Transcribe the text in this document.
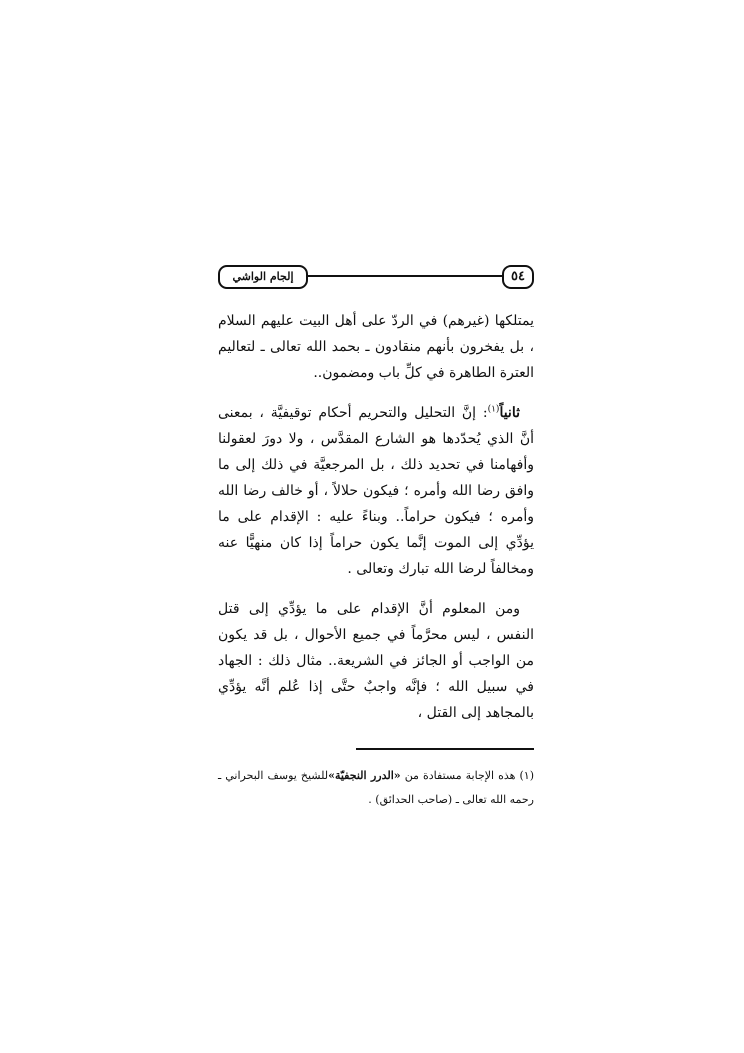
٥٤
إلجام الواشي

يمتلكها (غيرهم) في الردّ على أهل البيت عليهم السلام ، بل يفخرون بأنهم منقادون ـ بحمد الله تعالى ـ لتعاليم العترة الطاهرة في كلِّ باب ومضمون..

ثانياً$^{(١)}$: إنَّ التحليل والتحريم أحكام توقيفيَّة ، بمعنى أنَّ الذي يُحدّدها هو الشارع المقدَّس ، ولا دورَ لعقولنا وأفهامنا في تحديد ذلك ، بل المرجعيَّة في ذلك إلى ما وافق رضا الله وأمره ؛ فيكون حلالاً ، أو خالف رضا الله وأمره ؛ فيكون حراماً.. وبناءً عليه : الإقدام على ما يؤدِّي إلى الموت إنَّما يكون حراماً إذا كان منهيًّا عنه ومخالفاً لرضا الله تبارك وتعالى .

ومن المعلوم أنَّ الإقدام على ما يؤدِّي إلى قتل النفس ، ليس محرَّماً في جميع الأحوال ، بل قد يكون من الواجب أو الجائز في الشريعة.. مثال ذلك : الجهاد في سبيل الله ؛ فإنَّه واجبٌ حتَّى إذا عُلم أنَّه يؤدِّي بالمجاهد إلى القتل ،

(١) هذه الإجابة مستفادة من «الدرر النجفيّة»للشيخ يوسف البحراني ـ رحمه الله تعالى ـ (صاحب الحدائق) .
